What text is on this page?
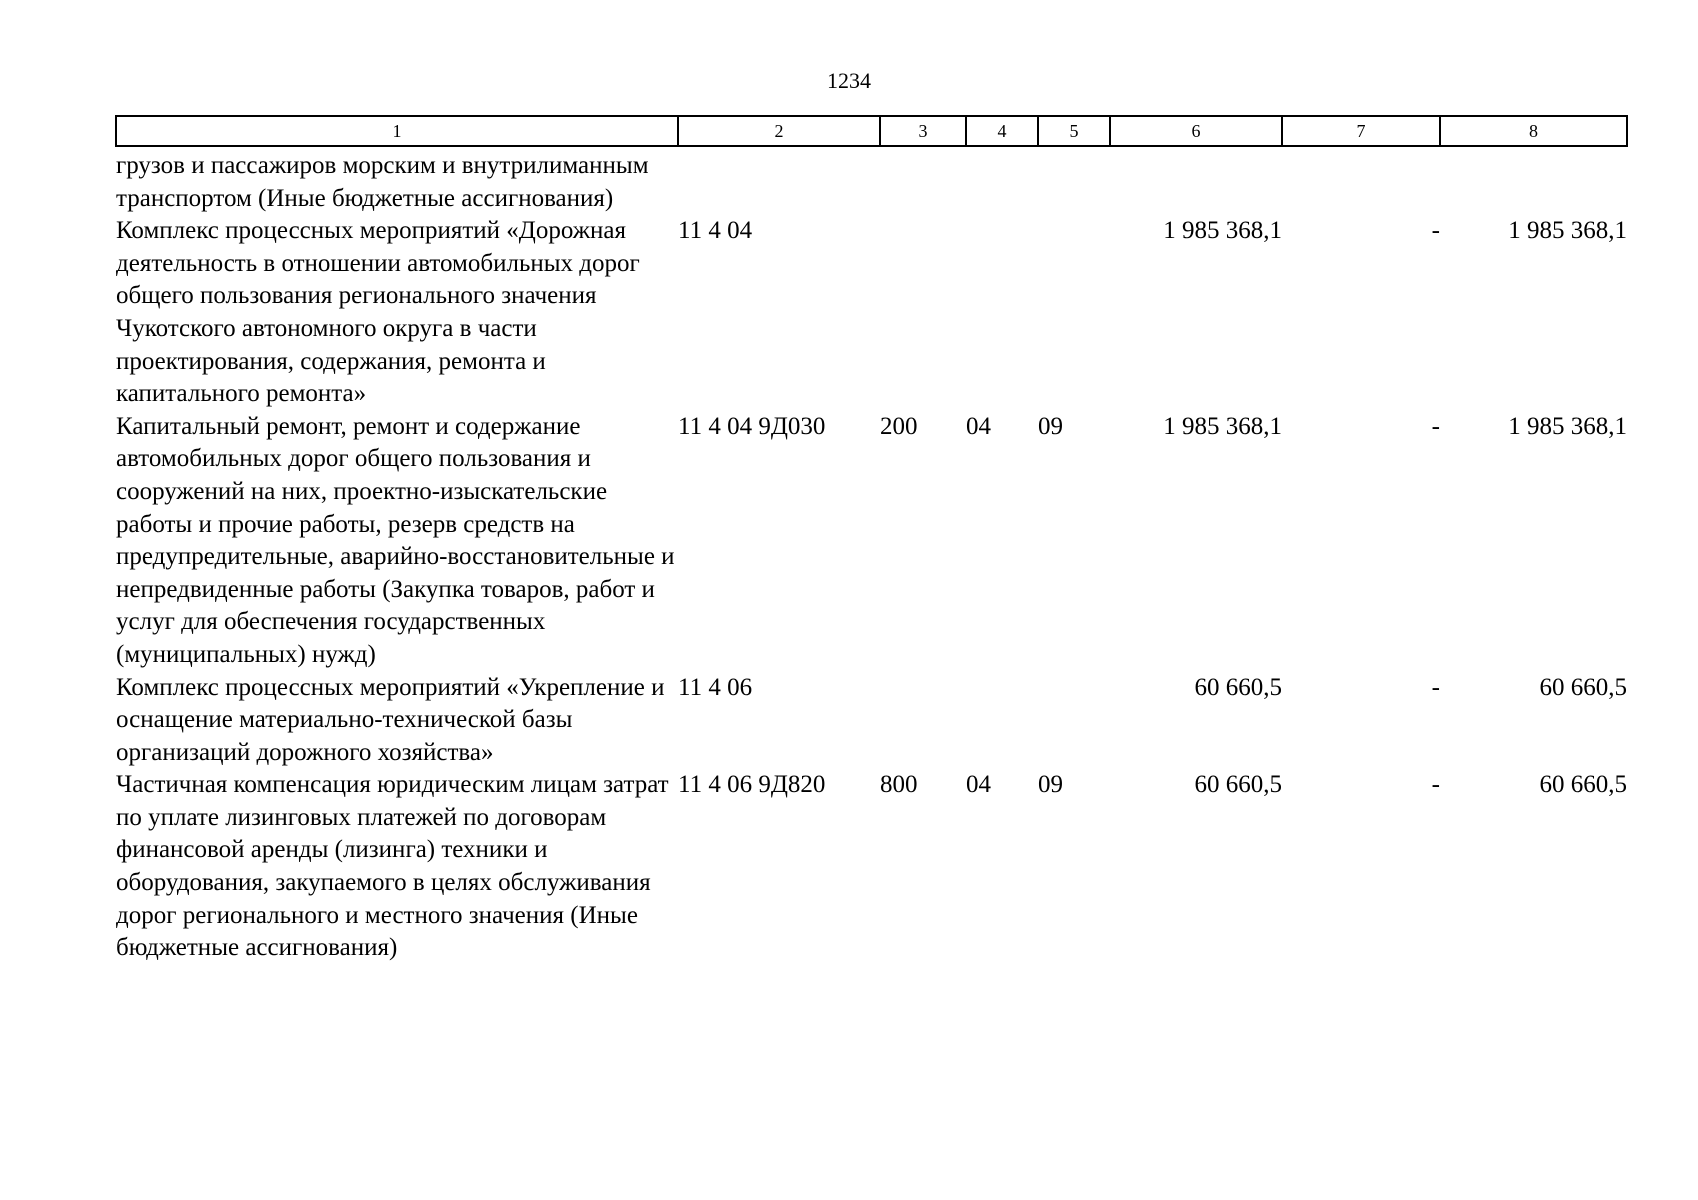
1234
1	2	3	4	5	6	7	8
грузов и пассажиров морским и внутрилиманным транспортом (Иные бюджетные ассигнования)							
Комплекс процессных мероприятий «Дорожная деятельность в отношении автомобильных дорог общего пользования регионального значения Чукотского автономного округа в части проектирования, содержания, ремонта и капитального ремонта»	11 4 04				1 985 368,1	-	1 985 368,1
Капитальный ремонт, ремонт и содержание автомобильных дорог общего пользования и сооружений на них, проектно-изыскательские работы и прочие работы, резерв средств на предупредительные, аварийно-восстановительные и непредвиденные работы (Закупка товаров, работ и услуг для обеспечения государственных (муниципальных) нужд)	11 4 04 9Д030	200	04	09	1 985 368,1	-	1 985 368,1
Комплекс процессных мероприятий «Укрепление и оснащение материально-технической базы организаций дорожного хозяйства»	11 4 06				60 660,5	-	60 660,5
Частичная компенсация юридическим лицам затрат по уплате лизинговых платежей по договорам финансовой аренды (лизинга) техники и оборудования, закупаемого в целях обслуживания дорог регионального и местного значения (Иные бюджетные ассигнования)	11 4 06 9Д820	800	04	09	60 660,5	-	60 660,5
